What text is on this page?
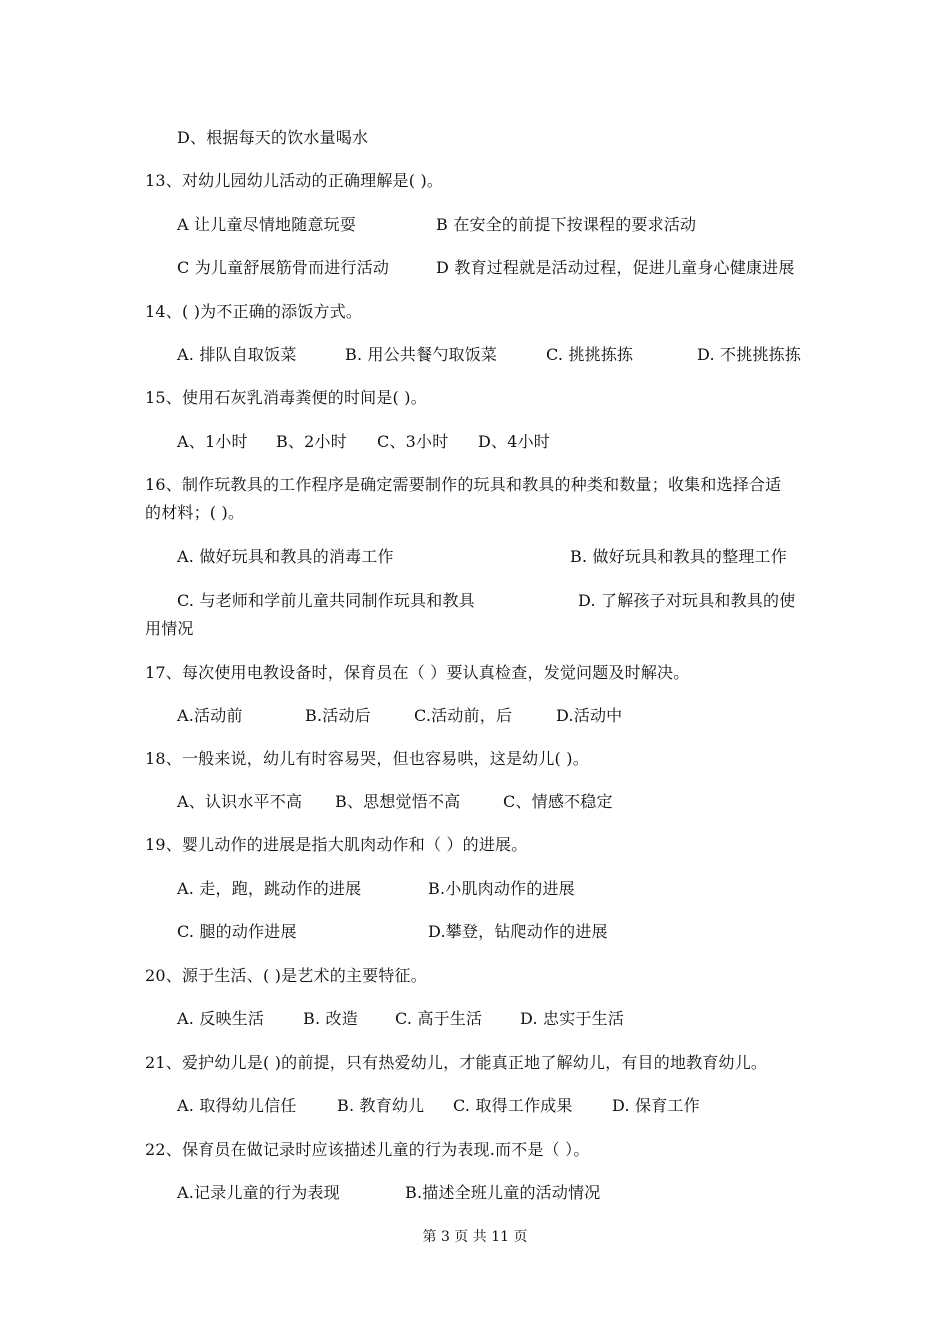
D、根据每天的饮水量喝水
13、对幼儿园幼儿活动的正确理解是( )。
A 让儿童尽情地随意玩耍	B 在安全的前提下按课程的要求活动
C 为儿童舒展筋骨而进行活动	D 教育过程就是活动过程，促进儿童身心健康进展
14、( )为不正确的添饭方式。
A. 排队自取饭菜	B. 用公共餐勺取饭菜	C. 挑挑拣拣	D. 不挑挑拣拣
15、使用石灰乳消毒粪便的时间是( )。
A、1小时 B、2小时 C、3小时 D、4小时
16、制作玩教具的工作程序是确定需要制作的玩具和教具的种类和数量；收集和选择合适
的材料；( )。
A. 做好玩具和教具的消毒工作	B. 做好玩具和教具的整理工作
C. 与老师和学前儿童共同制作玩具和教具	D. 了解孩子对玩具和教具的使
用情况
17、每次使用电教设备时，保育员在（ ）要认真检查，发觉问题及时解决。
A.活动前	B.活动后	C.活动前，后	D.活动中
18、一般来说，幼儿有时容易哭，但也容易哄，这是幼儿( )。
A、认识水平不高 B、思想觉悟不高	C、情感不稳定
19、婴儿动作的进展是指大肌肉动作和（ ）的进展。
A. 走，跑，跳动作的进展	B.小肌肉动作的进展
C. 腿的动作进展	D.攀登，钻爬动作的进展
20、源于生活、( )是艺术的主要特征。
A. 反映生活 B. 改造 C. 高于生活 D. 忠实于生活
21、爱护幼儿是( )的前提，只有热爱幼儿，才能真正地了解幼儿，有目的地教育幼儿。
A. 取得幼儿信任	B. 教育幼儿 C. 取得工作成果 D. 保育工作
22、保育员在做记录时应该描述儿童的行为表现.而不是（ ）。
A.记录儿童的行为表现	B.描述全班儿童的活动情况
第 3 页 共 11 页
